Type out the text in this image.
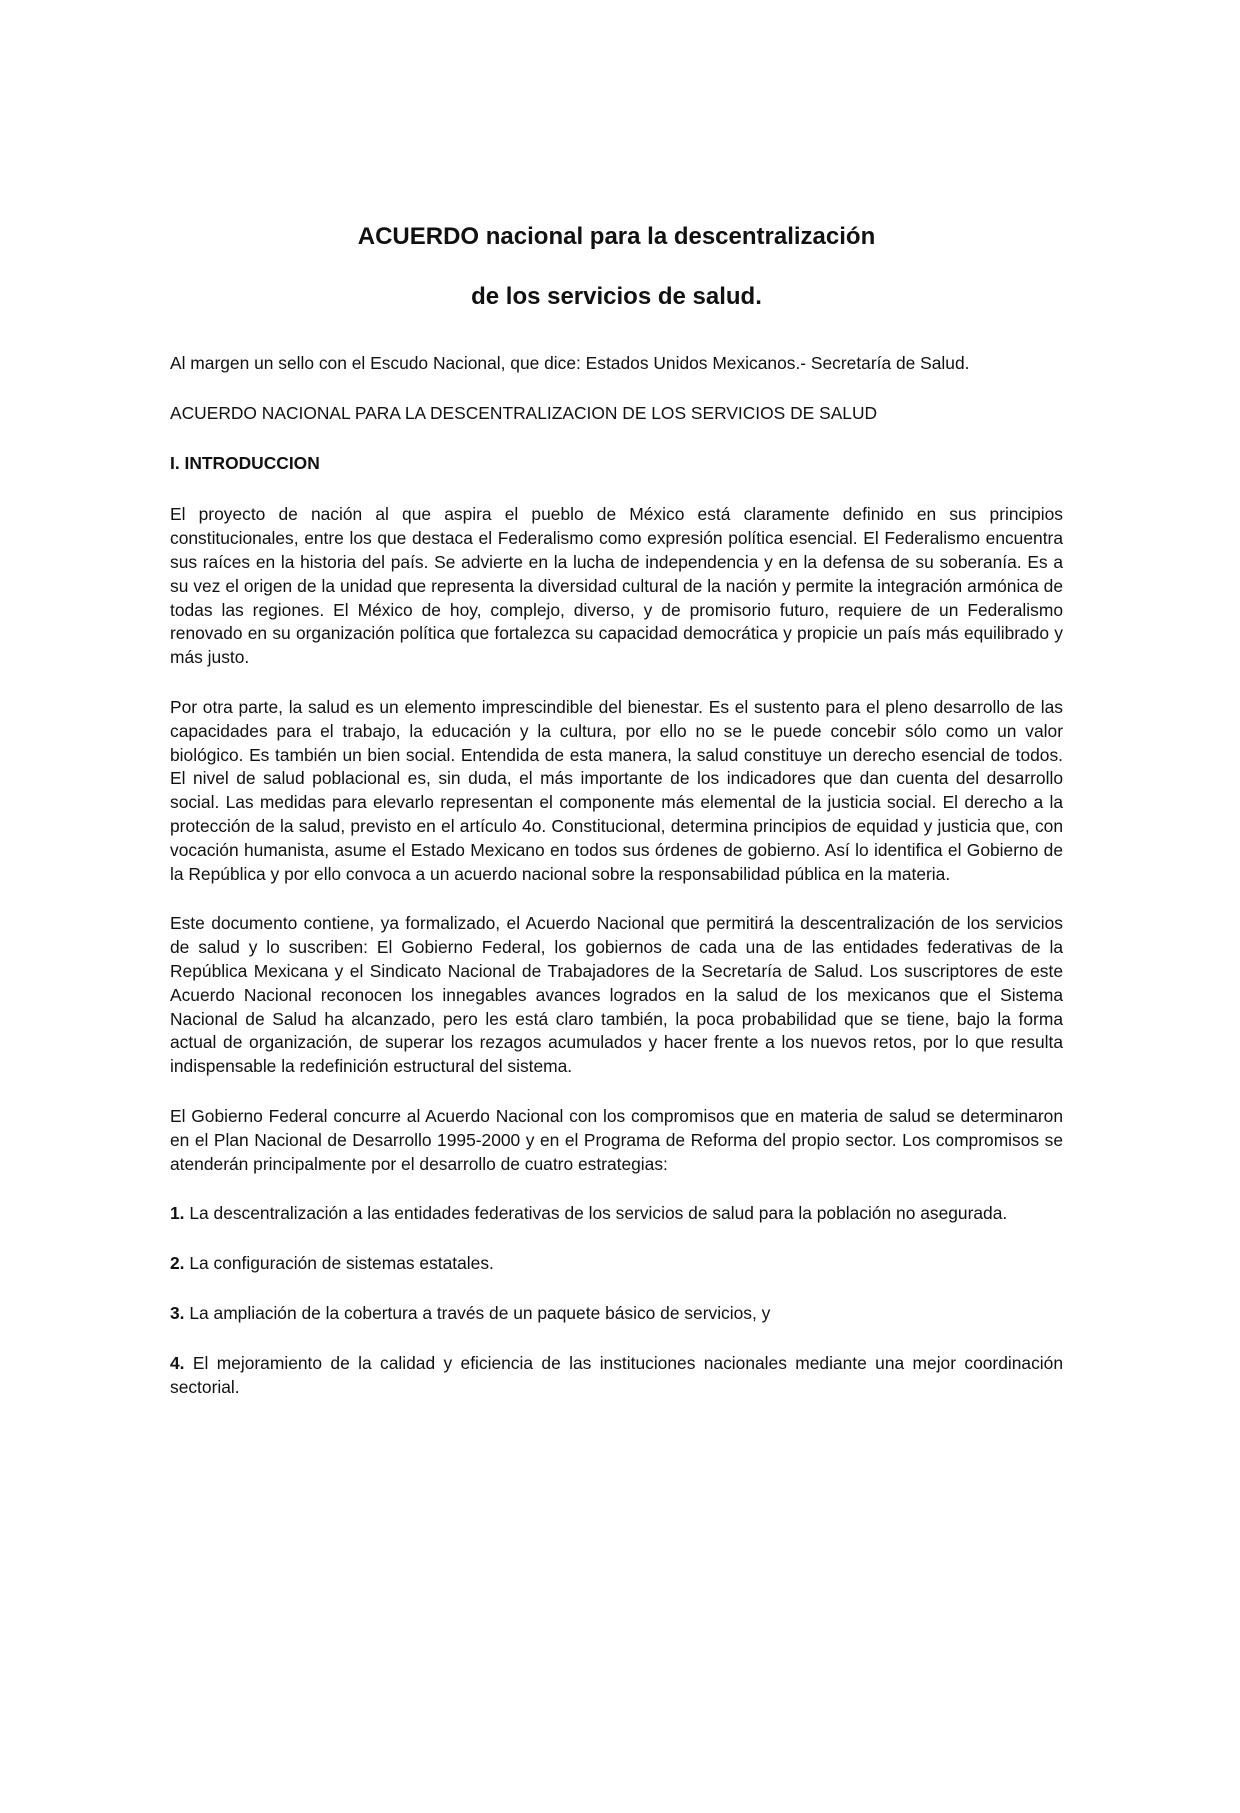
ACUERDO nacional para la descentralización
de los servicios de salud.

Al margen un sello con el Escudo Nacional, que dice: Estados Unidos Mexicanos.- Secretaría de Salud.

ACUERDO NACIONAL PARA LA DESCENTRALIZACION DE LOS SERVICIOS DE SALUD

I. INTRODUCCION

El proyecto de nación al que aspira el pueblo de México está claramente definido en sus principios constitucionales, entre los que destaca el Federalismo como expresión política esencial. El Federalismo encuentra sus raíces en la historia del país. Se advierte en la lucha de independencia y en la defensa de su soberanía. Es a su vez el origen de la unidad que representa la diversidad cultural de la nación y permite la integración armónica de todas las regiones. El México de hoy, complejo, diverso, y de promisorio futuro, requiere de un Federalismo renovado en su organización política que fortalezca su capacidad democrática y propicie un país más equilibrado y más justo.

Por otra parte, la salud es un elemento imprescindible del bienestar. Es el sustento para el pleno desarrollo de las capacidades para el trabajo, la educación y la cultura, por ello no se le puede concebir sólo como un valor biológico. Es también un bien social. Entendida de esta manera, la salud constituye un derecho esencial de todos. El nivel de salud poblacional es, sin duda, el más importante de los indicadores que dan cuenta del desarrollo social. Las medidas para elevarlo representan el componente más elemental de la justicia social. El derecho a la protección de la salud, previsto en el artículo 4o. Constitucional, determina principios de equidad y justicia que, con vocación humanista, asume el Estado Mexicano en todos sus órdenes de gobierno. Así lo identifica el Gobierno de la República y por ello convoca a un acuerdo nacional sobre la responsabilidad pública en la materia.

Este documento contiene, ya formalizado, el Acuerdo Nacional que permitirá la descentralización de los servicios de salud y lo suscriben: El Gobierno Federal, los gobiernos de cada una de las entidades federativas de la República Mexicana y el Sindicato Nacional de Trabajadores de la Secretaría de Salud. Los suscriptores de este Acuerdo Nacional reconocen los innegables avances logrados en la salud de los mexicanos que el Sistema Nacional de Salud ha alcanzado, pero les está claro también, la poca probabilidad que se tiene, bajo la forma actual de organización, de superar los rezagos acumulados y hacer frente a los nuevos retos, por lo que resulta indispensable la redefinición estructural del sistema.

El Gobierno Federal concurre al Acuerdo Nacional con los compromisos que en materia de salud se determinaron en el Plan Nacional de Desarrollo 1995-2000 y en el Programa de Reforma del propio sector. Los compromisos se atenderán principalmente por el desarrollo de cuatro estrategias:

1. La descentralización a las entidades federativas de los servicios de salud para la población no asegurada.

2. La configuración de sistemas estatales.

3. La ampliación de la cobertura a través de un paquete básico de servicios, y

4. El mejoramiento de la calidad y eficiencia de las instituciones nacionales mediante una mejor coordinación sectorial.
